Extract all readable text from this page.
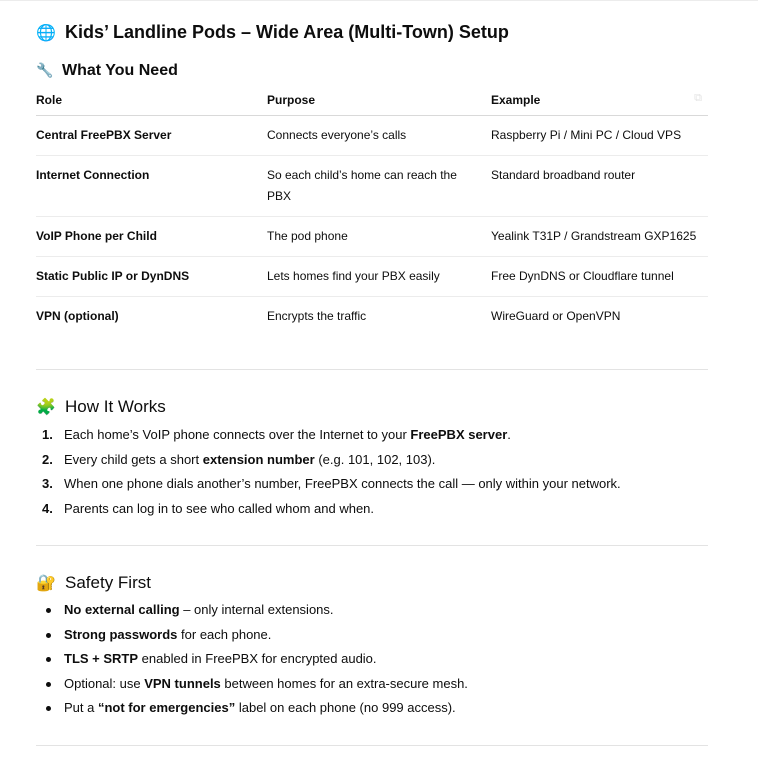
🌐 Kids’ Landline Pods – Wide Area (Multi-Town) Setup
🔧 What You Need
⧉
Role	Purpose	Example
Central FreePBX Server	Connects everyone’s calls	Raspberry Pi / Mini PC / Cloud VPS
Internet Connection	So each child’s home can reach the PBX	Standard broadband router
VoIP Phone per Child	The pod phone	Yealink T31P / Grandstream GXP1625
Static Public IP or DynDNS	Lets homes find your PBX easily	Free DynDNS or Cloudflare tunnel
VPN (optional)	Encrypts the traffic	WireGuard or OpenVPN
🧩 How It Works
1. Each home’s VoIP phone connects over the Internet to your FreePBX server.
2. Every child gets a short extension number (e.g. 101, 102, 103).
3. When one phone dials another’s number, FreePBX connects the call — only within your network.
4. Parents can log in to see who called whom and when.
🔐 Safety First
No external calling – only internal extensions.
Strong passwords for each phone.
TLS + SRTP enabled in FreePBX for encrypted audio.
Optional: use VPN tunnels between homes for an extra-secure mesh.
Put a “not for emergencies” label on each phone (no 999 access).
